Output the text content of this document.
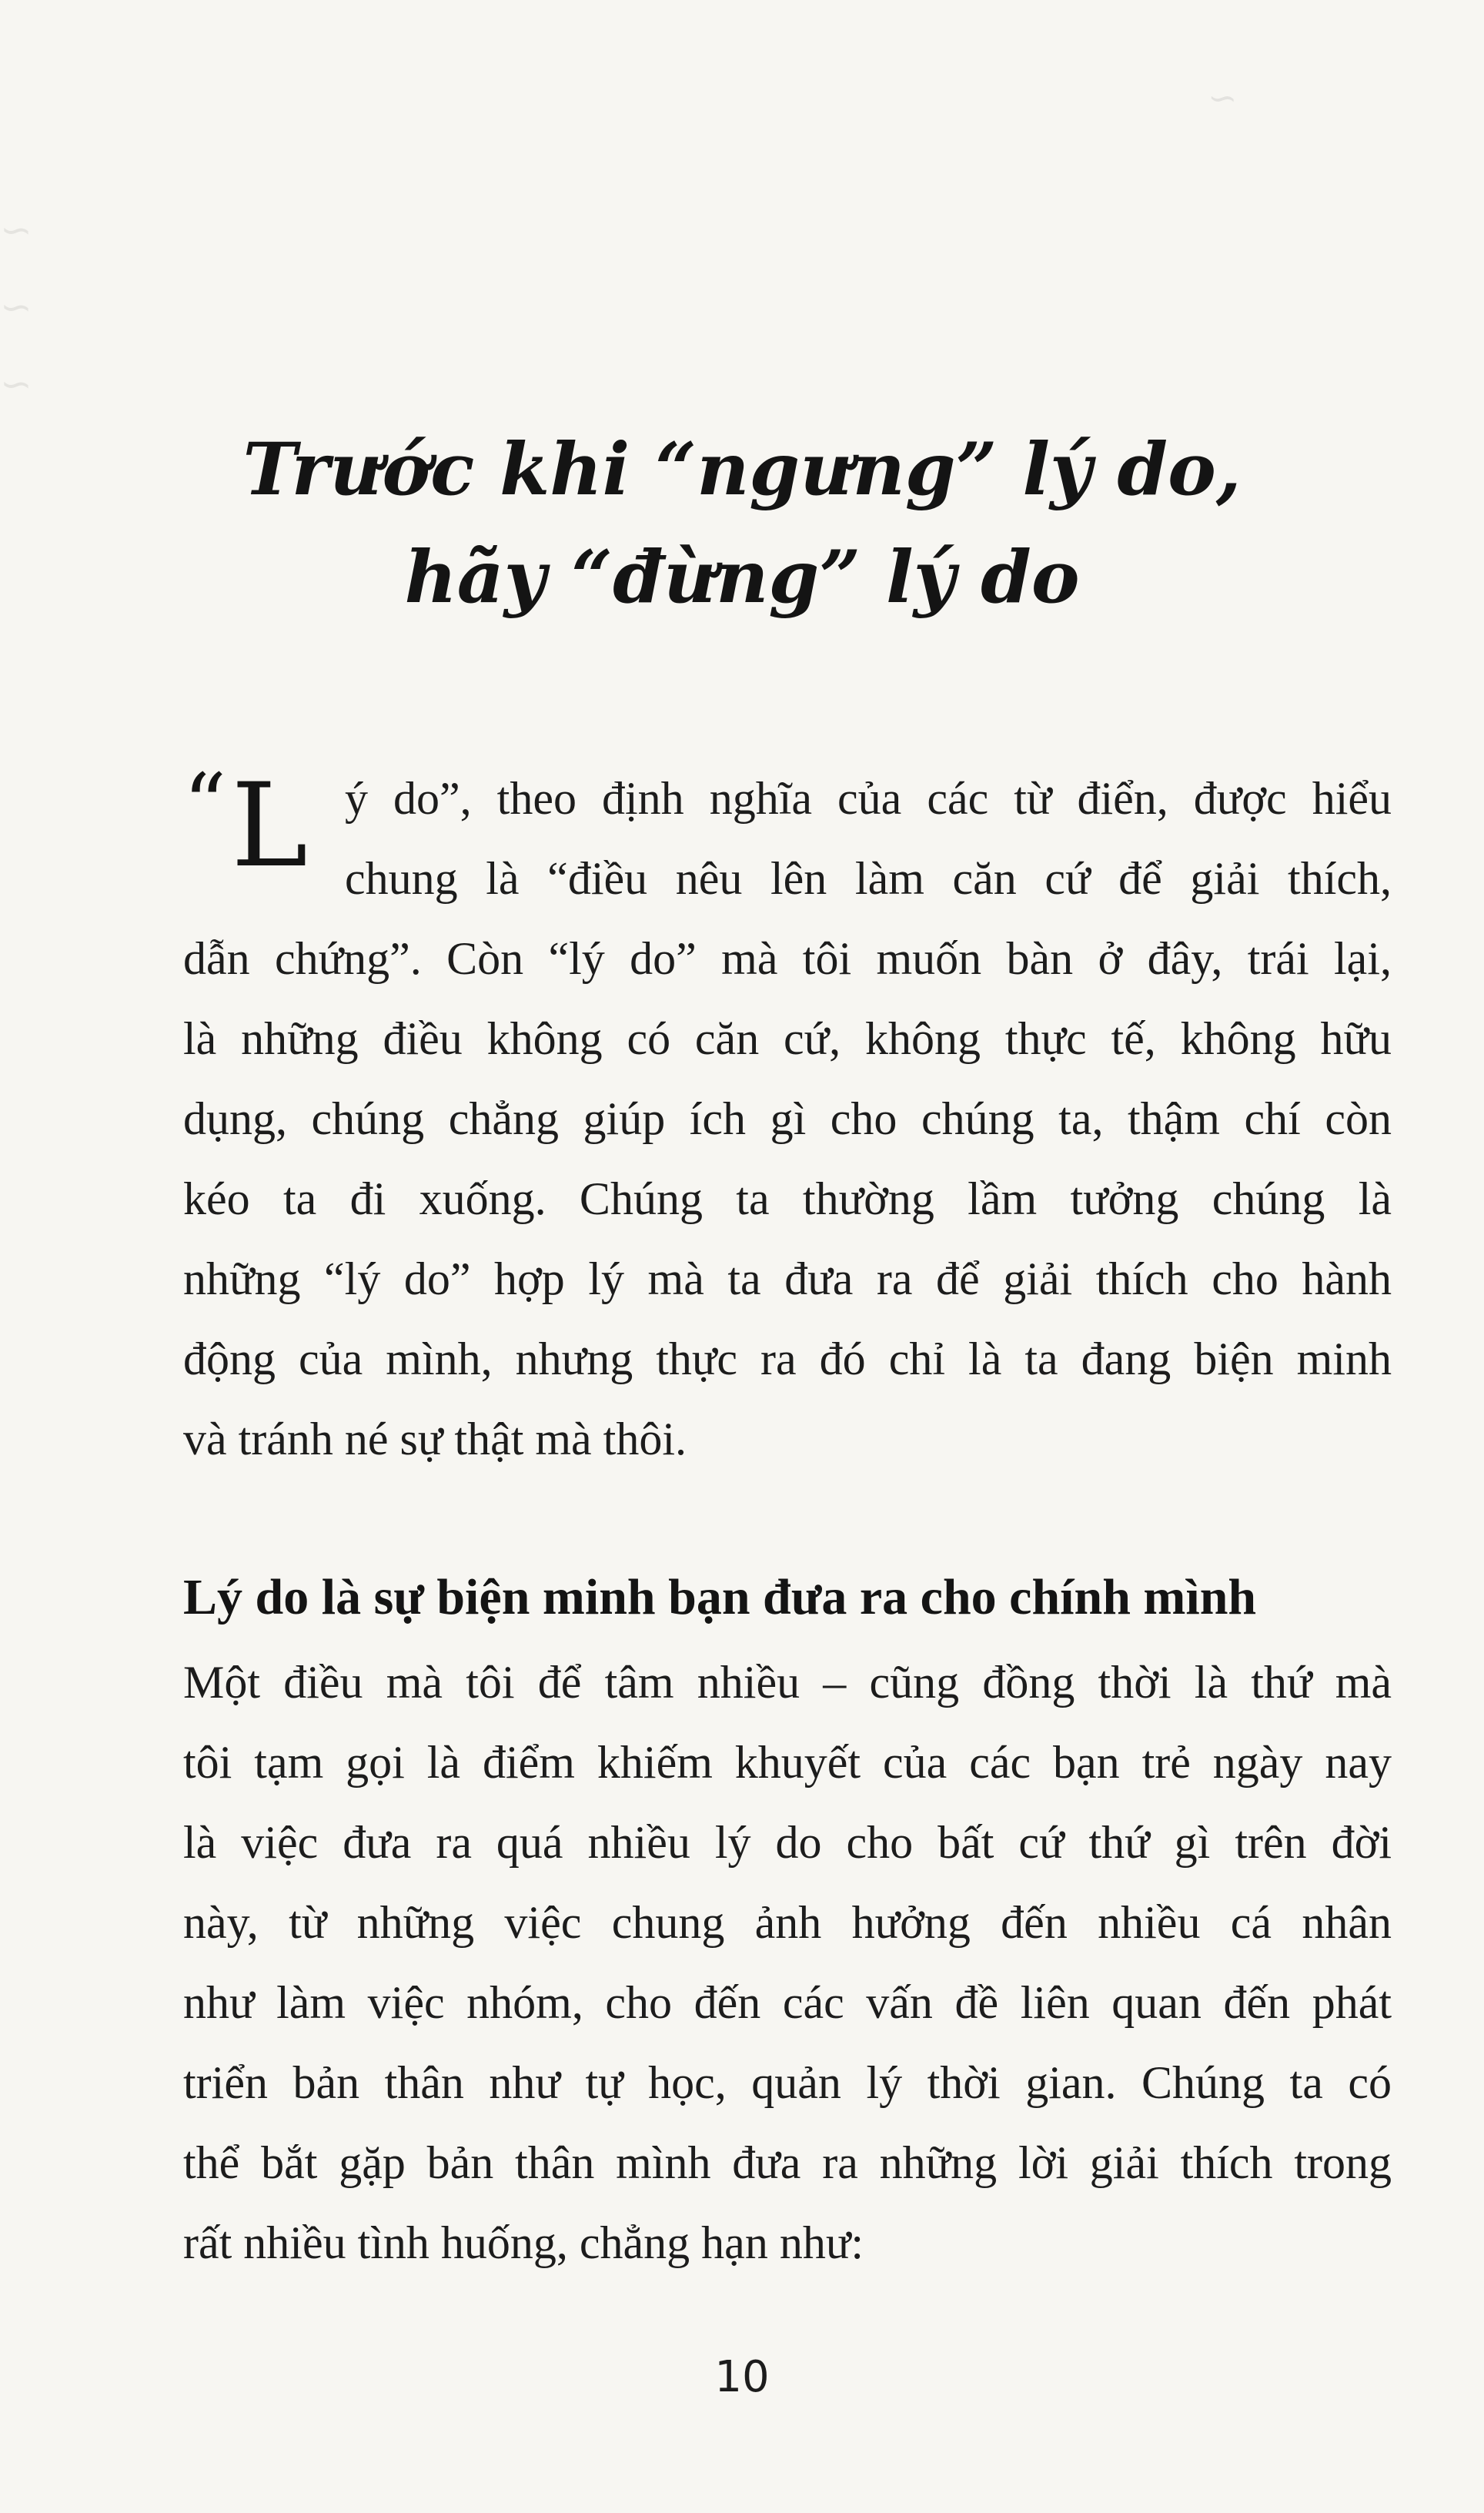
~
~
~
~
Trước khi “ngưng” lý do,
hãy “đừng” lý do
“L ý do”, theo định nghĩa của các từ điển, được hiểu
chung là “điều nêu lên làm căn cứ để giải thích,
dẫn chứng”. Còn “lý do” mà tôi muốn bàn ở đây, trái lại,
là những điều không có căn cứ, không thực tế, không hữu
dụng, chúng chẳng giúp ích gì cho chúng ta, thậm chí còn
kéo ta đi xuống. Chúng ta thường lầm tưởng chúng là
những “lý do” hợp lý mà ta đưa ra để giải thích cho hành
động của mình, nhưng thực ra đó chỉ là ta đang biện minh
và tránh né sự thật mà thôi.
Lý do là sự biện minh bạn đưa ra cho chính mình
Một điều mà tôi để tâm nhiều – cũng đồng thời là thứ mà
tôi tạm gọi là điểm khiếm khuyết của các bạn trẻ ngày nay
là việc đưa ra quá nhiều lý do cho bất cứ thứ gì trên đời
này, từ những việc chung ảnh hưởng đến nhiều cá nhân
như làm việc nhóm, cho đến các vấn đề liên quan đến phát
triển bản thân như tự học, quản lý thời gian. Chúng ta có
thể bắt gặp bản thân mình đưa ra những lời giải thích trong
rất nhiều tình huống, chẳng hạn như:
10
